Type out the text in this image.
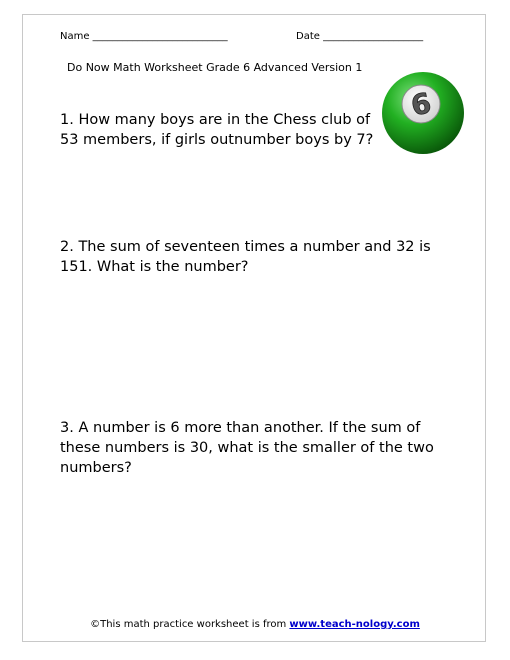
Name ___________________________	Date ____________________
Do Now Math Worksheet Grade 6 Advanced Version 1
1. How many boys are in the Chess club of 53 members, if girls outnumber boys by 7?
2. The sum of seventeen times a number and 32 is 151. What is the number?
3. A number is 6 more than another. If the sum of these numbers is 30, what is the smaller of the two numbers?
6
©This math practice worksheet is from www.teach-nology.com
